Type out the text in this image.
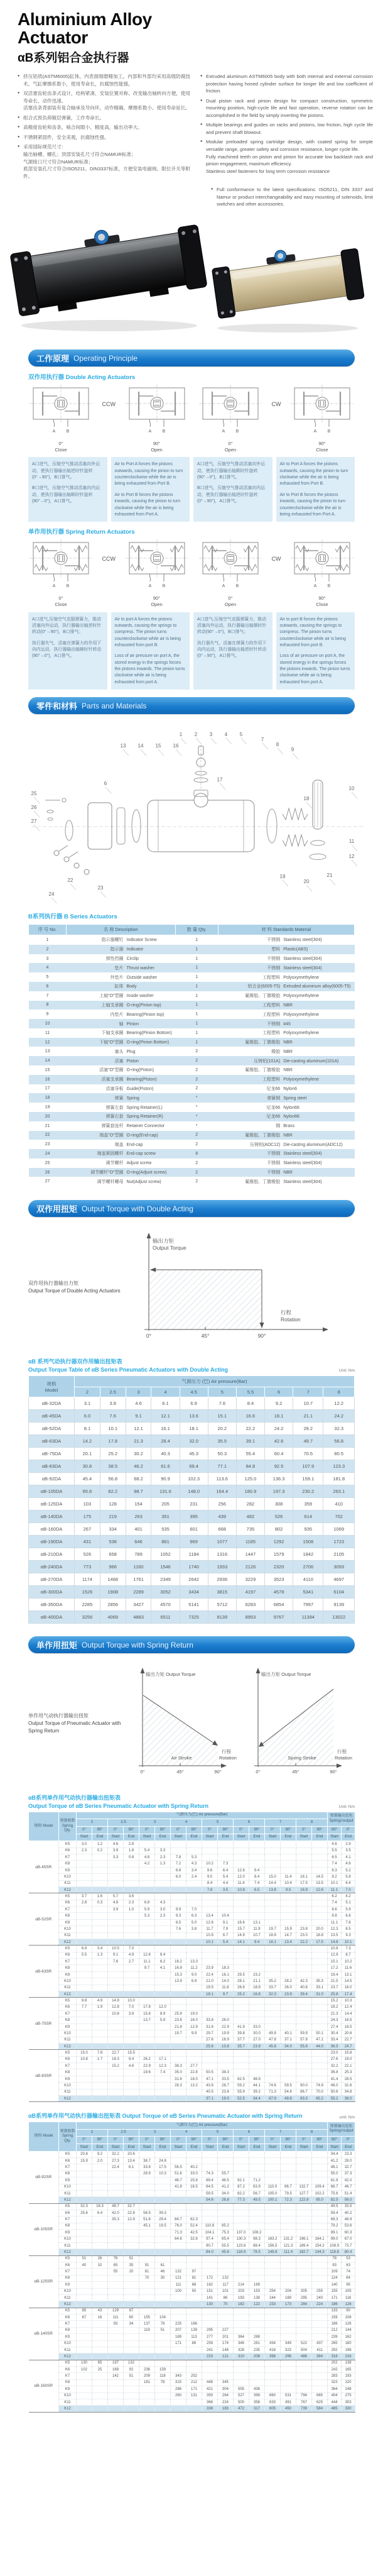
Aluminium Alloy
Actuator
αB系列铝合金执行器
● 挤压铝质(ASTM6005)缸体，内表面细磨精加工，内部和外部均采用高级防腐技术，气缸摩擦系数小，使用寿命长，抗腐蚀性能强。
● 双活塞齿轮齿条式设计，结构紧凑、安装位置对称、改变输出轴转向方便，使用寿命长、动作迅速。
活塞齿条背面装有复合轴承及导向环，动作精确、摩擦系数小、使用寿命延长。
● 组合式预负荷镀层弹簧，工作寿命长。
● 高精度齿轮和齿条，啮合间隙小、精度高，输出功率大。
● 不锈钢紧固件，安全美观，抗腐蚀性强。
● 采用国际规范尺寸：
输出轴槽、螺孔；顶部安装孔尺寸符合NAMUR标准；
气源接口尺寸符合NAMUR标准；
底部安装孔尺寸符合ISO5211、DIN3337标准，方便安装电磁阀、限位开关等附件。
● Extruded aluminum ASTM6005 body with both internal and external corrosion protection having honed cylinder surface for longer life and low coefficient of friction.
● Dual piston rack and pinion design for compact construction, symmetric mounting position, high-cycle life and fast operation, reverse rotation can be accomplished in the field by simply inverting the pistons.
● Multiple bearings and guides on racks and pistons, low friction, high cycle life and prevent shaft blowout.
● Modular preloaded spring cartridge design, with coated spring for simple versatile range, greater safety and corrosion resistance, longer cycle life.
Fully machined teeth on piston and pinion for accurate low backlash rack and pinion engagement, maximum efficiency.
Stainless steel fasteners for long term corrosion resistance
● Full conformance to the latest specifications: ISO5211, DIN 3337 and Namur or product interchangeability and easy mounting of solenoids, limit switches and other accessories.
工作原理 Operating Principle
双作用执行器 Double Acting Actuators
A B
0°
Close
CCW
A B
90°
Open
A B
0°
Open
CW
A B
90°
Close

A口进气，压缩空气推动活塞向外运动，使执行器输出轴逆时针旋转(0°→90°)，B口排气。

B口进气，压缩空气推动活塞向内运动，使执行器输出轴顺时针旋转(90°→0°)，A口排气。

Air to Port A forces the pistons outwards, causing the pinion to turn counterclockwise while the air is being exhausted from Port B.

Air to Port B forces the pistons inwards, causing the pinion to turn clockwise while the air is being exhausted from Port A.

A口进气，压缩空气推动活塞向外运动，使执行器输出轴顺时针旋转(90°→0°)，B口排气。

B口进气，压缩空气推动活塞向内运动，使执行器输出轴逆时针旋转(0°→90°)，A口排气。

Air to Port A forces the pistons outwards, causing the pinion to turn clockwise while the air is being exhausted from Port B.

Air to Port B forces the pistons inwards, causing the pinion to turn counterclockwise while the air is being exhausted from Port A.

单作用执行器 Spring Return Actuators
A B
0°
Close
CCW
A B
90°
Open
A B
0°
Open
CW
A B
90°
Close

A口进气,压缩空气克服弹簧力，推动活塞向外运动，执行器输出轴逆时针转动(0°→90°)，B口排气；

执行器失气，活塞在弹簧力的作用下向内运动，执行器输出轴顺时针转动(90°→0°)，A口排气。

Air to port A forces the pistons outwards, causing the springs to compress. The pinion turns counterclockwise while air is being exhausted from port B.

Loss of air pressure on port A, the stored energy in the springs forces the pistons inwards. The pinion turns clockwise while air is being exhausted from port A.

A口进气,压缩空气克服弹簧力，推动活塞向外运动，执行器输出轴顺时针转动(90°→0°)，B口排气；

执行器失气，活塞在弹簧力的作用下向内运动，执行器输出轴逆时针转动(0°→90°)，A口排气。

Air to port B forces the pistons outwards, causing the springs to compress. The pinion turns counterclockwise while air is being exhausted from port B.

Loss of air pressure on port A, the stored energy in the springs forces the pistons inwards. The pinion turns clockwise while air is being exhausted from port A.

零件和材料 Parts and Materials
1 2 3 4 5
13 14 15 16
17
7
8
9
10
11
12
6
18
19
20
21
22
23
24
25
26
27
B系列执行器 B Series Actuators
序 号 No.	名 称 Description	数 量 Qty.	材 料 Standards Material
1	指示器螺钉 Indicator Screw	1	不锈钢 Stainless steel(304)
2	指示器 Indicator	1	塑料 Plastic(ABS)
3	弹性挡圈 Circlip	1	不锈钢 Stainless steel(304)
4	垫片 Thrust washer	1	不锈钢 Stainless steel(304)
5	外垫片 Outside washer	1	工程塑料 Polyoxymethylene
6	缸体 Body	1	铝合金(6005-T5) Extruded aluminum alloy(6005-T5)
7	上轴"O"型圈 Inside washer	1	氟橡胶、丁腈橡胶 Polyoxymethylene
8	上轴支承圈 O-ring(Pinion top)	1	工程塑料 NBR
9	内垫片 Bearing(Pinion top)	1	工程塑料 Polyoxymethylene
10	轴 Pinion	1	不锈钢 #45
11	下轴支承圈 Bearing(Pinion Bottom)	1	工程塑料 Polyoxymethylene
12	下轴"O"型圈 O-ring(Pinion Bottom)	1	氟橡胶、丁腈橡胶 NBR
13	塞头 Plug	2	橡胶 NBR
14	活塞 Piston	2	压铸铝(101A) Die-casting aluminum(101A)
15	活塞"O"型圈 O-ring(Piston)	2	氟橡胶、丁腈橡胶 NBR
16	活塞支承圈 Bearing(Piston)	2	工程塑料 Polyoxymethylene
17	活塞导板 Guide(Piston)	2	尼龙66 Nylon6
18	弹簧 Spring	*	弹簧钢 Spring steel
19	弹簧左套 Spring Retainer(L)	*	尼龙66 Nylon66
20	弹簧右套 Spring Retainer(R)	*	尼龙66 Nylon66
21	弹簧套连杆 Retainer Connector	*	铜 Brass
22	端盖"O"型圈 O-ring(End-cap)	2	氟橡胶、丁腈橡胶 NBR
23	端盖 End-cap	2	压铸铝(ADC12) Die-casting aluminum(ADC12)
24	端盖紧固螺杆 End-cap screw	8	不锈钢 Stainless steel(304)
25	调节螺杆 Adjust screw	2	不锈钢 Stainless steel(304)
26	调节螺杆"O"型圈 O-ring(Adjust screw)	2	不锈钢 NBR
27	调节螺杆螺母 Nut(Adjust screw)	2	氟橡胶、丁腈橡胶 Stainless steel(304)
双作用扭矩 Output Torque with Double Acting
双作用执行器输出力矩
Output Torque of Double Acting Actuators
输出力矩
Output Torque
行程
Rotation
0°	45°	90°
αB 系列气动执行器双作用输出扭矩表
Output Torque Table of αB Series Pneumatic Actuators with Double Acting	Unit: Nm
规格
Model	气源压力 (巴) Air pressure(Bar)									
	2	2.5	3	4	4.5	5	5.5	6	7	8
αB-32DA	3.1	3.8	4.6	6.1	6.9	7.6	8.4	9.2	10.7	12.2
αB-45DA	6.0	7.6	9.1	12.1	13.6	15.1	16.6	18.1	21.1	24.2
αB-52DA	8.1	10.1	12.1	16.1	18.1	20.2	22.2	24.2	28.2	32.3
αB-63DA	14.2	17.8	21.3	28.4	32.0	35.5	39.1	42.6	49.7	56.8
αB-75DA	20.1	25.2	30.2	40.3	45.3	50.3	55.4	60.4	70.5	80.5
αB-83DA	30.8	38.5	46.2	61.6	69.4	77.1	84.8	92.5	107.9	123.3
αB-92DA	45.4	56.8	68.2	90.9	102.3	113.6	125.0	136.3	159.1	181.8
αB-105DA	65.8	82.2	98.7	131.6	148.0	164.4	180.9	197.3	230.2	263.1
αB-125DA	103	128	154	205	231	256	282	308	359	410
αB-140DA	175	219	263	351	395	439	482	526	614	702
αB-160DA	267	334	401	535	601	668	735	802	935	1069
αB-190DA	431	538	646	861	969	1077	1185	1292	1508	1723
αB-210DA	526	658	789	1052	1184	1316	1447	1579	1842	2105
αB-240DA	773	966	1160	1546	1740	1933	2126	2320	2706	3093
αB-270DA	1174	1468	1761	2349	2642	2936	3229	3523	4110	4697
αB-300DA	1526	1908	2289	3052	3434	3815	4197	4578	5341	6104
αB-350DA	2285	2856	3427	4570	5141	5712	6283	6854	7997	9139
αB-400DA	3256	4069	4883	6511	7325	8139	8953	9767	11394	13022
单作用扭矩 Output Torque with Spring Return
单作用气动执行器输出扭矩
Output Torque of Pneumatic Actuator with Spring Return
输出力矩 Output Torque
Air Stroke
行程
Rotation
0°	45°	90°
输出力矩 Output Torque
Spring Stroke
行程
Rotation
0°	45°	90°
αB系列单作用气动执行器输出扭矩表
Output Torque of αB Series Pneumatic Actuator with Spring Return	Unit: Nm
规格 Model	弹簧根数
Spring
Qty.	气源压力(巴) Air pressure(Bar)																弹簧输出扭矩
Springs'output	
		2		2.5		3		4		5		6		7		8			
		0°	90°	0°	90°	0°	90°	0°	90°	0°	90°	0°	90°	0°	90°	0°	90°	90°	0°
		Start	End	Start	End	Start	End	Start	End	Start	End	Start	End	Start	End	Start	End	Start	End
αB-45SR	K5	3.0	1.2	4.6	2.8													4.6	2.9
	K6	2.3	0.2	3.9	1.8	5.4	3.3											5.5	3.5
	K7			3.3	0.8	4.8	2.3	7.8	5.3									6.5	4.1
	K8					4.2	1.3	7.2	4.3	10.2	7.3							7.4	4.6
	K9							6.6	3.4	9.6	6.4	12.6	9.4					8.3	5.2
	K10							6.0	2.4	9.0	5.4	12.0	8.4	15.0	11.4	18.1	14.5	9.2	5.8
	K11									8.4	4.4	11.4	7.4	14.4	10.4	17.5	13.5	10.1	6.4
	K12									7.8	3.5	10.8	6.5	13.8	9.5	16.9	12.6	11.1	7.0
αB-52SR	K5	3.7	1.6	5.7	3.6													6.2	4.2
	K6	2.8	0.3	4.8	2.3	6.8	4.3											7.4	5.1
	K7			3.9	1.0	5.9	3.0	9.9	7.0									8.6	5.9
	K8					5.3	2.3	9.3	6.3	13.4	10.4							9.8	6.8
	K9							8.5	5.0	12.6	9.1	16.6	13.1					11.1	7.6
	K10							7.6	3.8	11.7	7.9	15.7	11.9	19.7	15.9	23.8	20.0	12.3	8.5
	K11									10.9	6.7	14.9	10.7	18.9	14.7	23.0	18.8	13.5	9.3
	K12									10.1	5.4	14.1	9.4	18.1	13.4	22.2	17.5	14.8	10.1
αB-63SR	K5	6.9	3.4	10.5	7.0													10.8	7.3
	K6	5.5	1.3	9.1	4.9	12.6	8.4											12.9	8.7
	K7			7.6	2.7	11.1	6.2	18.2	13.3									15.1	10.2
	K8					9.7	4.1	16.8	11.2	23.9	18.3							17.2	11.6
	K9							15.3	9.0	22.4	16.1	29.5	23.2					19.4	13.1
	K10							13.9	6.9	21.0	14.0	28.1	21.1	35.2	28.2	42.3	35.3	21.5	14.5
	K11									19.5	11.8	26.6	18.9	33.7	26.0	40.8	33.1	23.7	16.0
	K12									18.1	9.7	25.2	16.8	32.3	23.9	39.4	31.0	25.8	17.4
αB-75SR	K5	9.8	4.9	14.9	10.0													15.2	10.3
	K6	7.7	1.9	12.8	7.0	17.8	12.0											18.2	12.4
	K7			10.8	3.9	15.8	8.9	25.9	19.0									21.3	14.4
	K8					13.7	5.9	23.8	16.0	33.8	26.0							24.3	16.5
	K9							21.8	12.9	31.8	22.9	41.9	33.0					27.4	18.5
	K10							19.7	9.9	29.7	19.9	39.8	30.0	49.9	40.1	59.9	50.1	30.4	20.6
	K11									27.6	16.9	37.7	27.0	47.8	37.1	57.8	47.1	33.4	22.7
	K12									25.6	13.8	35.7	23.9	45.8	34.0	55.8	44.0	36.5	24.7
αB-83SR	K5	15.0	7.8	22.7	15.5													23.0	15.8
	K6	10.8	1.7	18.3	9.4	26.2	17.1											27.6	19.0
	K7			15.2	4.6	22.9	12.3	38.3	27.7									32.2	22.1
	K8					19.6	7.4	35.0	22.8	50.5	38.3							36.8	25.3
	K9							31.6	18.0	47.1	33.5	62.5	48.9					41.4	28.5
	K10							28.3	13.2	43.8	28.7	59.2	44.1	74.6	59.5	90.0	74.9	46.0	31.6
	K11									40.5	23.8	55.9	39.2	71.3	54.6	86.7	70.0	50.6	34.8
	K12									37.1	19.0	52.5	34.4	67.9	49.8	83.3	65.2	55.2	38.0
αB系列单作用气动执行器输出扭矩表 Output Torque of αB Series Pneumatic Actuator with Spring Return	unit: Nm
规格 Model	弹簧根数
Spring
Qty.	气源压力(巴) Air pressure(Bar)																弹簧输出扭矩
Springs'output	
		2		2.5		3		4		5		6		7		8			
		0°	90°	0°	90°	0°	90°	0°	90°	0°	90°	0°	90°	0°	90°	0°	90°	90°	0°
		Start	End	Start	End	Start	End	Start	End	Start	End	Start	End	Start	End	Start	End	Start	End
αB-92SR	K5	20.8	9.2	32.2	20.6													34.4	23.3
	K6	15.9	2.0	27.3	13.4	38.7	24.8											41.2	28.0
	K7			22.4	6.1	33.8	17.5	56.5	40.2									48.1	32.7
	K8					28.9	10.3	51.6	33.0	74.3	55.7							55.0	37.3
	K9							46.7	25.8	69.4	48.5	92.1	71.2					61.9	42.0
	K10							41.8	18.5	64.5	41.2	87.2	63.9	110.0	86.7	132.7	109.4	68.7	46.7
	K11									59.5	34.0	82.2	56.7	105.0	79.5	127.7	102.2	75.6	51.4
	K12									54.6	26.8	77.3	49.5	100.1	72.3	122.8	95.0	82.5	56.0
αB-105SR	K5	32.3	16.3	48.7	32.7													49.5	33.5
	K6	25.6	6.4	42.0	22.8	58.5	39.3											59.4	40.2
	K7			35.3	12.9	51.8	29.4	84.7	62.3									69.3	46.9
	K8					45.1	19.5	78.0	52.4	110.8	85.2							79.2	53.6
	K9							71.3	42.5	104.1	75.3	137.0	108.2					89.1	60.3
	K10							64.6	32.6	97.4	65.4	130.3	98.3	163.2	131.2	196.1	164.1	99.0	67.0
	K11									90.7	55.5	123.6	88.4	156.5	121.3	189.4	154.2	108.9	73.7
	K12									84.0	45.6	116.9	78.5	149.8	111.4	182.7	144.3	118.8	80.4
αB-125SR	K5	51	26	76	51													78	53
	K6	40	10	65	35	91	61											93	63
	K7			55	20	81	46	132	97									109	74
	K8					70	30	121	81	172	132							124	84
	K9							111	66	162	117	214	169					140	95
	K10							100	50	151	101	203	153	254	204	305	255	155	105
	K11									141	86	193	138	244	189	295	240	171	116
	K12									130	70	182	122	233	173	284	224	186	126
αB-140SR	K5	85	43	129	87													133	90
	K6	67	16	111	60	155	104											159	108
	K7			93	34	137	78	225	166									186	126
	K8					119	51	207	139	295	227							212	144
	K9							189	113	277	201	364	288					239	162
	K10							171	86	259	174	346	261	434	349	522	437	265	180
	K11									241	148	328	235	416	323	504	411	292	198
	K12									223	121	310	208	398	296	486	384	318	216
αB-160SR	K5	130	65	197	132													202	138
	K6	102	25	169	92	236	159											242	165
	K7			142	51	209	118	343	252									283	193
	K8					181	78	315	212	448	345							323	220
	K9							288	171	421	304	555	438					364	248
	K10							260	131	393	264	527	398	660	531	794	665	404	275
	K11									366	224	500	358	633	491	767	625	444	303
	K12									338	183	472	317	605	450	739	584	485	330
